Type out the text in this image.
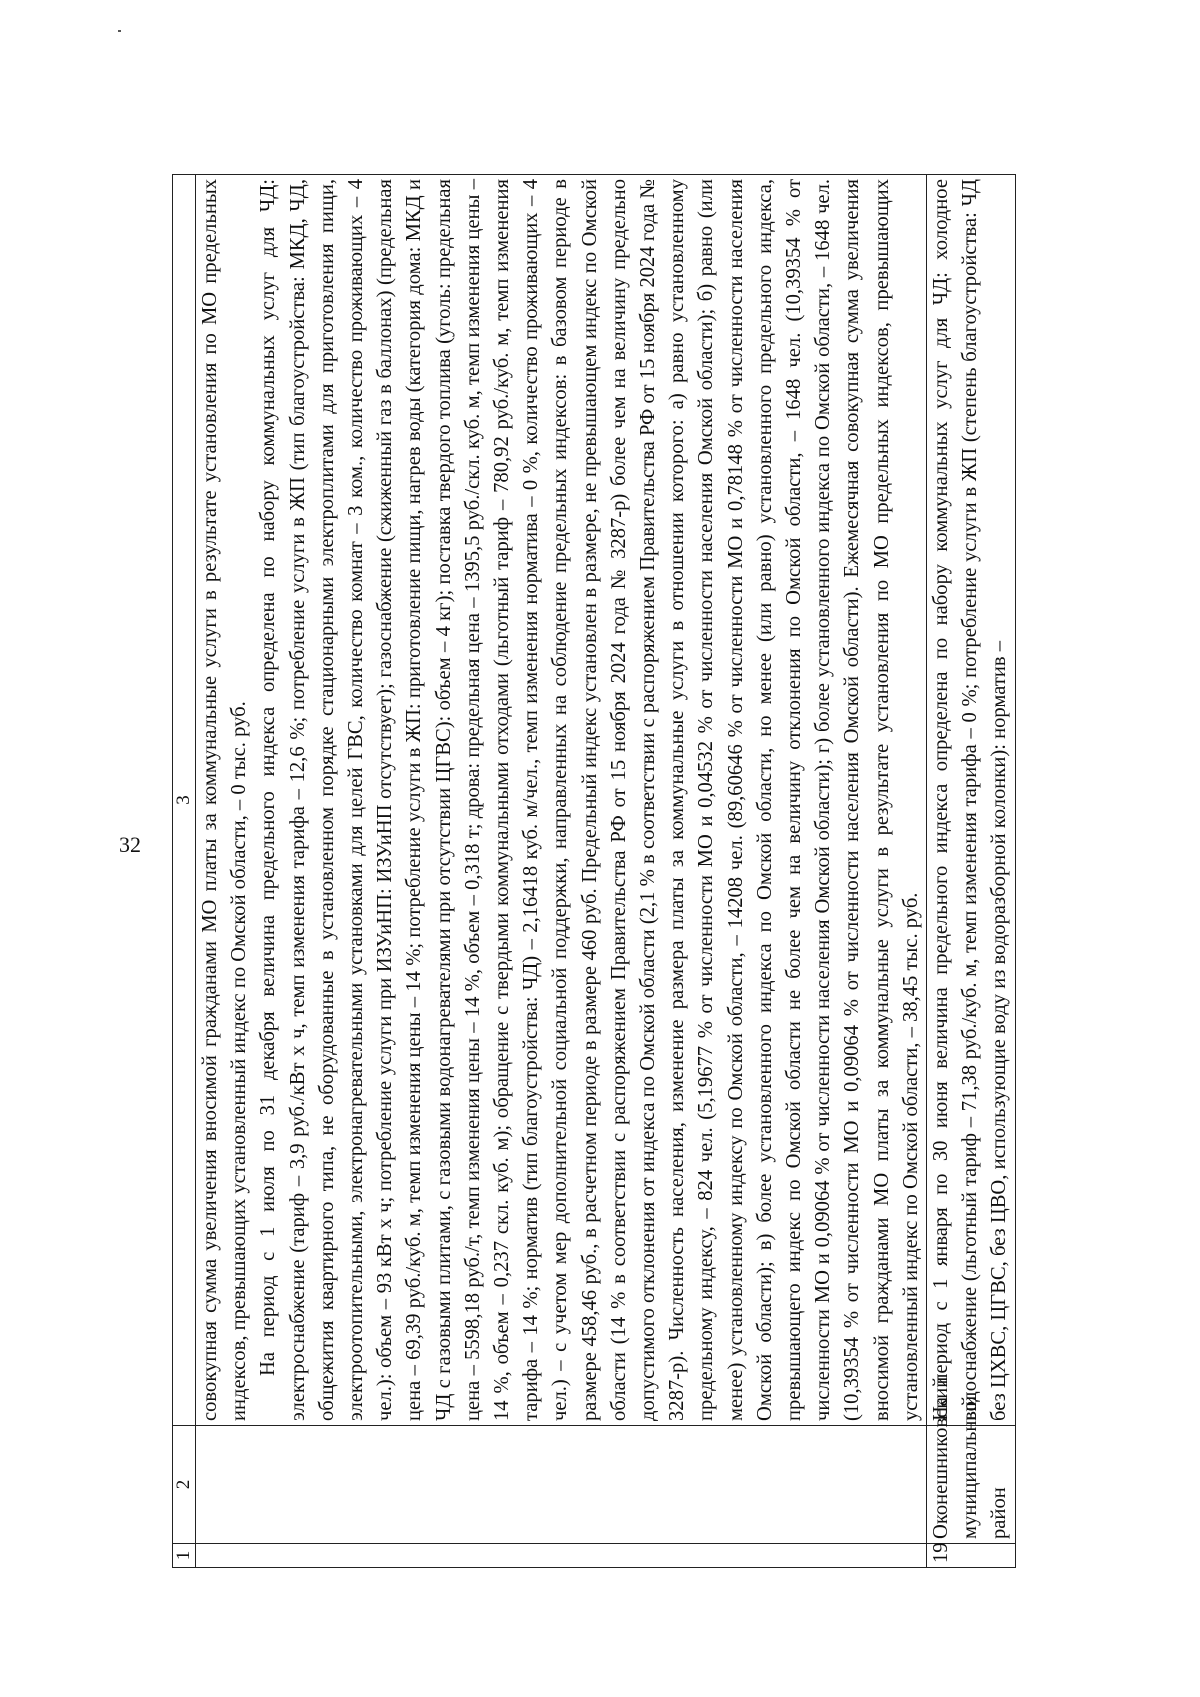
32
1	2	3

		совокупная сумма увеличения вносимой гражданами МО платы за коммунальные услуги в результате установления по МО предельных индексов, превышающих установленный индекс по Омской области, – 0 тыс. руб. На период с 1 июля по 31 декабря величина предельного индекса определена по набору коммунальных услуг для ЧД: электроснабжение (тариф – 3,9 руб./кВт х ч, темп изменения тарифа – 12,6 %; потребление услуги в ЖП (тип благоустройства: МКД, ЧД, общежития квартирного типа, не оборудованные в установленном порядке стационарными электроплитами для приготовления пищи, электроотопительными, электронагревательными установками для целей ГВС, количество комнат – 3 ком., количество проживающих – 4 чел.): объем – 93 кВт х ч; потребление услуги при ИЗУиНП: ИЗУиНП отсутствует); газоснабжение (сжиженный газ в баллонах) (предельная цена – 69,39 руб./куб. м, темп изменения цены – 14 %; потребление услуги в ЖП: приготовление пищи, нагрев воды (категория дома: МКД и ЧД с газовыми плитами, с газовыми водонагревателями при отсутствии ЦГВС): объем – 4 кг); поставка твердого топлива (уголь: предельная цена – 5598,18 руб./т, темп изменения цены – 14 %, объем – 0,318 т; дрова: предельная цена – 1395,5 руб./скл. куб. м, темп изменения цены – 14 %, объем – 0,237 скл. куб. м); обращение с твердыми коммунальными отходами (льготный тариф – 780,92 руб./куб. м, темп изменения тарифа – 14 %; норматив (тип благоустройства: ЧД) – 2,16418 куб. м/чел., темп изменения норматива – 0 %, количество проживающих – 4 чел.) – с учетом мер дополнительной социальной поддержки, направленных на соблюдение предельных индексов: в базовом периоде в размере 458,46 руб., в расчетном периоде в размере 460 руб. Предельный индекс установлен в размере, не превышающем индекс по Омской области (14 % в соответствии с распоряжением Правительства РФ от 15 ноября 2024 года № 3287-р) более чем на величину предельно допустимого отклонения от индекса по Омской области (2,1 % в соответствии с распоряжением Правительства РФ от 15 ноября 2024 года № 3287-р). Численность населения, изменение размера платы за коммунальные услуги в отношении которого: а) равно установленному предельному индексу, – 824 чел. (5,19677 % от численности МО и 0,04532 % от численности населения Омской области); б) равно (или менее) установленному индексу по Омской области, – 14208 чел. (89,60646 % от численности МО и 0,78148 % от численности населения Омской области); в) более установленного индекса по Омской области, но менее (или равно) установленного предельного индекса, превышающего индекс по Омской области не более чем на величину отклонения по Омской области, – 1648 чел. (10,39354 % от численности МО и 0,09064 % от численности населения Омской области); г) более установленного индекса по Омской области, – 1648 чел. (10,39354 % от численности МО и 0,09064 % от численности населения Омской области). Ежемесячная совокупная сумма увеличения вносимой гражданами МО платы за коммунальные услуги в результате установления по МО предельных индексов, превышающих установленный индекс по Омской области, – 38,45 тыс. руб.

19	Оконешниковский муниципальный район	На период с 1 января по 30 июня величина предельного индекса определена по набору коммунальных услуг для ЧД: холодное водоснабжение (льготный тариф – 71,38 руб./куб. м, темп изменения тарифа – 0 %; потребление услуги в ЖП (степень благоустройства: ЧД без ЦХВС, ЦГВС, без ЦВО, использующие воду из водоразборной колонки): норматив –
